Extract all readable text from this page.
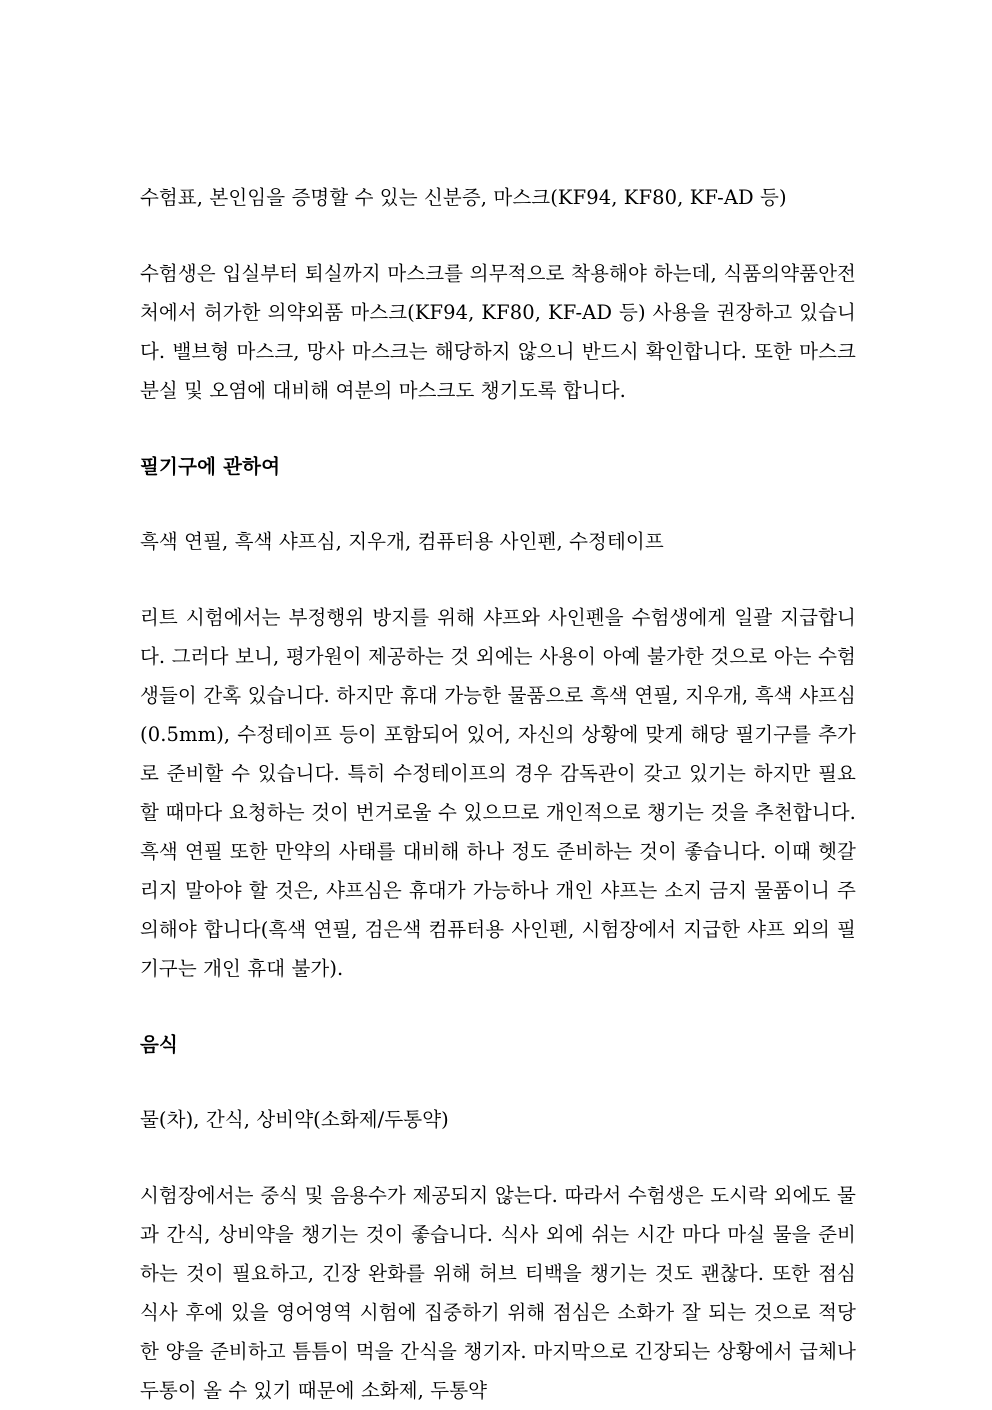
수험표, 본인임을 증명할 수 있는 신분증, 마스크(KF94, KF80, KF-AD 등)

수험생은 입실부터 퇴실까지 마스크를 의무적으로 착용해야 하는데, 식품의약품안전처에서 허가한 의약외품 마스크(KF94, KF80, KF-AD 등) 사용을 권장하고 있습니다. 밸브형 마스크, 망사 마스크는 해당하지 않으니 반드시 확인합니다. 또한 마스크 분실 및 오염에 대비해 여분의 마스크도 챙기도록 합니다.

필기구에 관하여

흑색 연필, 흑색 샤프심, 지우개, 컴퓨터용 사인펜, 수정테이프

리트 시험에서는 부정행위 방지를 위해 샤프와 사인펜을 수험생에게 일괄 지급합니다. 그러다 보니, 평가원이 제공하는 것 외에는 사용이 아예 불가한 것으로 아는 수험생들이 간혹 있습니다. 하지만 휴대 가능한 물품으로 흑색 연필, 지우개, 흑색 샤프심(0.5mm), 수정테이프 등이 포함되어 있어, 자신의 상황에 맞게 해당 필기구를 추가로 준비할 수 있습니다. 특히 수정테이프의 경우 감독관이 갖고 있기는 하지만 필요할 때마다 요청하는 것이 번거로울 수 있으므로 개인적으로 챙기는 것을 추천합니다. 흑색 연필 또한 만약의 사태를 대비해 하나 정도 준비하는 것이 좋습니다. 이때 헷갈리지 말아야 할 것은, 샤프심은 휴대가 가능하나 개인 샤프는 소지 금지 물품이니 주의해야 합니다(흑색 연필, 검은색 컴퓨터용 사인펜, 시험장에서 지급한 샤프 외의 필기구는 개인 휴대 불가).

음식

물(차), 간식, 상비약(소화제/두통약)

시험장에서는 중식 및 음용수가 제공되지 않는다. 따라서 수험생은 도시락 외에도 물과 간식, 상비약을 챙기는 것이 좋습니다. 식사 외에 쉬는 시간 마다 마실 물을 준비하는 것이 필요하고, 긴장 완화를 위해 허브 티백을 챙기는 것도 괜찮다. 또한 점심 식사 후에 있을 영어영역 시험에 집중하기 위해 점심은 소화가 잘 되는 것으로 적당한 양을 준비하고 틈틈이 먹을 간식을 챙기자. 마지막으로 긴장되는 상황에서 급체나 두통이 올 수 있기 때문에 소화제, 두통약
